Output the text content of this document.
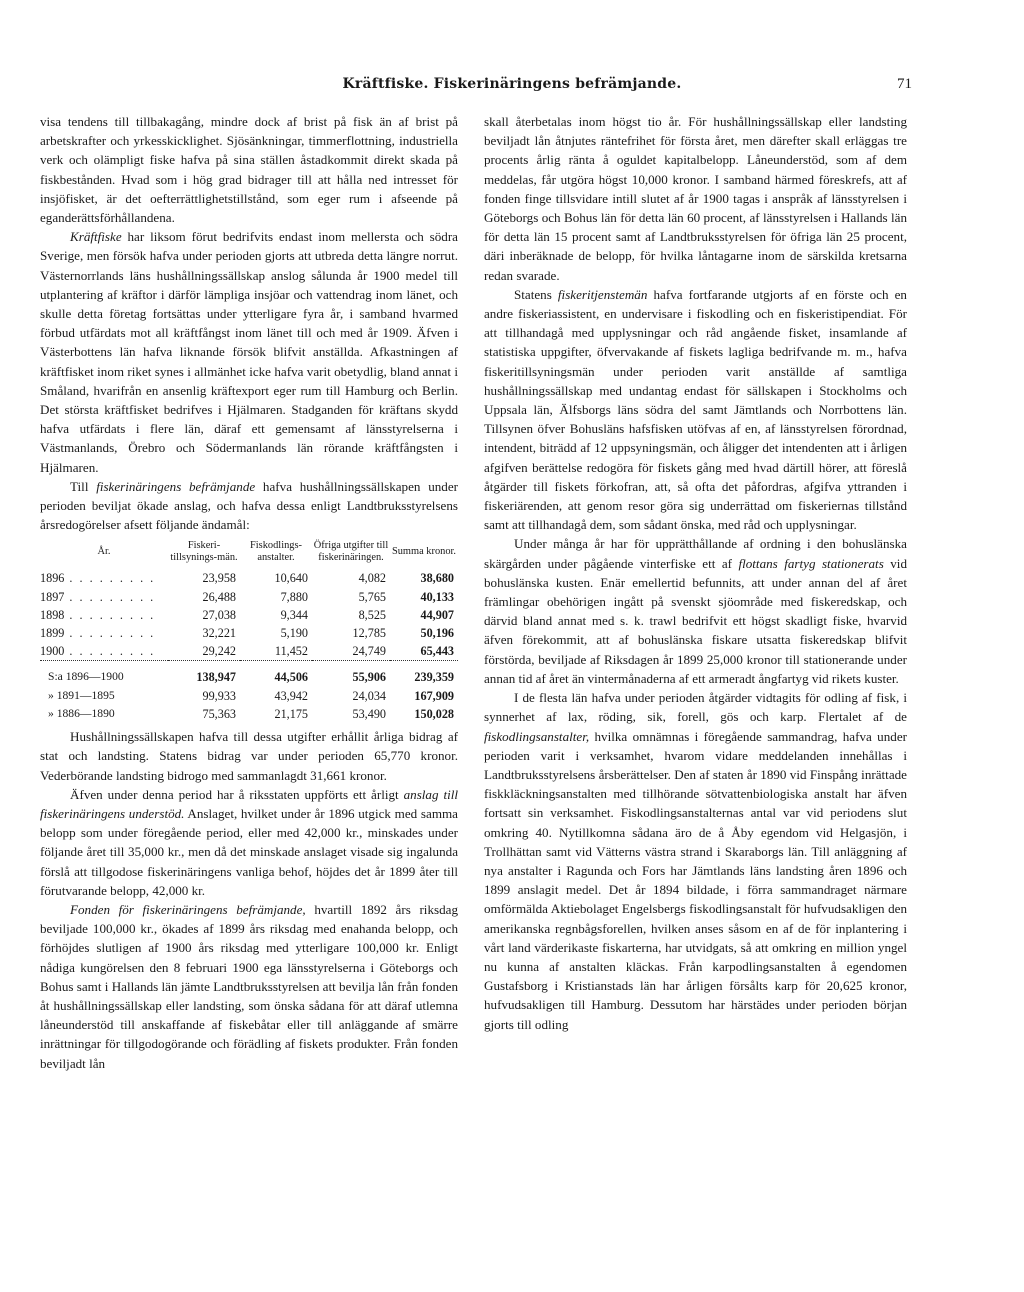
Kräftfiske. Fiskerinäringens befrämjande.	71

visa tendens till tillbakagång, mindre dock af brist på fisk än af brist på arbetskrafter och yrkesskicklighet. Sjösänkningar, timmerflottning, industriella verk och olämpligt fiske hafva på sina ställen åstadkommit direkt skada på fiskbestånden. Hvad som i hög grad bidrager till att hålla ned intresset för insjöfisket, är det oefterrättlighetstillstånd, som eger rum i afseende på eganderättsförhållandena.

Kräftfiske har liksom förut bedrifvits endast inom mellersta och södra Sverige, men försök hafva under perioden gjorts att utbreda detta längre norrut. Västernorrlands läns hushållningssällskap anslog sålunda år 1900 medel till utplantering af kräftor i därför lämpliga insjöar och vattendrag inom länet, och skulle detta företag fortsättas under ytterligare fyra år, i samband hvarmed förbud utfärdats mot all kräftfångst inom länet till och med år 1909. Äfven i Västerbottens län hafva liknande försök blifvit anställda. Afkastningen af kräftfisket inom riket synes i allmänhet icke hafva varit obetydlig, bland annat i Småland, hvarifrån en ansenlig kräftexport eger rum till Hamburg och Berlin. Det största kräftfisket bedrifves i Hjälmaren. Stadganden för kräftans skydd hafva utfärdats i flere län, däraf ett gemensamt af länsstyrelserna i Västmanlands, Örebro och Södermanlands län rörande kräftfångsten i Hjälmaren.

Till fiskerinäringens befrämjande hafva hushållningssällskapen under perioden beviljat ökade anslag, och hafva dessa enligt Landtbruksstyrelsens årsredogörelser afsett följande ändamål:

År.	Fiskeri-tillsynings-män.	Fiskodlings-anstalter.	Öfriga utgifter till fiskerinäringen.	Summa kronor.
1896 . . . . . . . . .	23,958	10,640	4,082	38,680
1897 . . . . . . . . .	26,488	7,880	5,765	40,133
1898 . . . . . . . . .	27,038	9,344	8,525	44,907
1899 . . . . . . . . .	32,221	5,190	12,785	50,196
1900 . . . . . . . . .	29,242	11,452	24,749	65,443
S:a 1896—1900	138,947	44,506	55,906	239,359
» 1891—1895	99,933	43,942	24,034	167,909
» 1886—1890	75,363	21,175	53,490	150,028

Hushållningssällskapen hafva till dessa utgifter erhållit årliga bidrag af stat och landsting. Statens bidrag var under perioden 65,770 kronor. Vederbörande landsting bidrogo med sammanlagdt 31,661 kronor.

Äfven under denna period har å riksstaten uppförts ett årligt anslag till fiskerinäringens understöd. Anslaget, hvilket under år 1896 utgick med samma belopp som under föregående period, eller med 42,000 kr., minskades under följande året till 35,000 kr., men då det minskade anslaget visade sig ingalunda förslå att tillgodose fiskerinäringens vanliga behof, höjdes det år 1899 åter till förutvarande belopp, 42,000 kr.

Fonden för fiskerinäringens befrämjande, hvartill 1892 års riksdag beviljade 100,000 kr., ökades af 1899 års riksdag med enahanda belopp, och förhöjdes slutligen af 1900 års riksdag med ytterligare 100,000 kr. Enligt nådiga kungörelsen den 8 februari 1900 ega länsstyrelserna i Göteborgs och Bohus samt i Hallands län jämte Landtbruksstyrelsen att bevilja lån från fonden åt hushållningssällskap eller landsting, som önska sådana för att däraf utlemna låneunderstöd till anskaffande af fiskebåtar eller till anläggande af smärre inrättningar för tillgodogörande och förädling af fiskets produkter. Från fonden beviljadt lån

skall återbetalas inom högst tio år. För hushållningssällskap eller landsting beviljadt lån åtnjutes räntefrihet för första året, men därefter skall erläggas tre procents årlig ränta å oguldet kapitalbelopp. Låneunderstöd, som af dem meddelas, får utgöra högst 10,000 kronor. I samband härmed föreskrefs, att af fonden finge tillsvidare intill slutet af år 1900 tagas i anspråk af länsstyrelsen i Göteborgs och Bohus län för detta län 60 procent, af länsstyrelsen i Hallands län för detta län 15 procent samt af Landtbruksstyrelsen för öfriga län 25 procent, däri inberäknade de belopp, för hvilka låntagarne inom de särskilda kretsarna redan svarade.

Statens fiskeritjenstemän hafva fortfarande utgjorts af en förste och en andre fiskeriassistent, en undervisare i fiskodling och en fiskeristipendiat. För att tillhandagå med upplysningar och råd angående fisket, insamlande af statistiska uppgifter, öfvervakande af fiskets lagliga bedrifvande m. m., hafva fiskeritillsyningsmän under perioden varit anställde af samtliga hushållningssällskap med undantag endast för sällskapen i Stockholms och Uppsala län, Älfsborgs läns södra del samt Jämtlands och Norrbottens län. Tillsynen öfver Bohusläns hafsfisken utöfvas af en, af länsstyrelsen förordnad, intendent, biträdd af 12 uppsyningsmän, och åligger det intendenten att i årligen afgifven berättelse redogöra för fiskets gång med hvad därtill hörer, att föreslå åtgärder till fiskets förkofran, att, så ofta det påfordras, afgifva yttranden i fiskeriärenden, att genom resor göra sig underrättad om fiskeriernas tillstånd samt att tillhandagå dem, som sådant önska, med råd och upplysningar.

Under många år har för upprätthållande af ordning i den bohuslänska skärgården under pågående vinterfiske ett af flottans fartyg stationerats vid bohuslänska kusten. Enär emellertid befunnits, att under annan del af året främlingar obehörigen ingått på svenskt sjöområde med fiskeredskap, och därvid bland annat med s. k. trawl bedrifvit ett högst skadligt fiske, hvarvid äfven förekommit, att af bohuslänska fiskare utsatta fiskeredskap blifvit förstörda, beviljade af Riksdagen år 1899 25,000 kronor till stationerande under annan tid af året än vintermånaderna af ett armeradt ångfartyg vid rikets kuster.

I de flesta län hafva under perioden åtgärder vidtagits för odling af fisk, i synnerhet af lax, röding, sik, forell, gös och karp. Flertalet af de fiskodlingsanstalter, hvilka omnämnas i föregående sammandrag, hafva under perioden varit i verksamhet, hvarom vidare meddelanden innehållas i Landtbruksstyrelsens årsberättelser. Den af staten år 1890 vid Finspång inrättade fiskkläckningsanstalten med tillhörande sötvattenbiologiska anstalt har äfven fortsatt sin verksamhet. Fiskodlingsanstalternas antal var vid periodens slut omkring 40. Nytillkomna sådana äro de å Åby egendom vid Helgasjön, i Trollhättan samt vid Vätterns västra strand i Skaraborgs län. Till anläggning af nya anstalter i Ragunda och Fors har Jämtlands läns landsting åren 1896 och 1899 anslagit medel. Det år 1894 bildade, i förra sammandraget närmare omförmälda Aktiebolaget Engelsbergs fiskodlingsanstalt för hufvudsakligen den amerikanska regnbågsforellen, hvilken anses såsom en af de för inplantering i vårt land värderikaste fiskarterna, har utvidgats, så att omkring en million yngel nu kunna af anstalten kläckas. Från karpodlingsanstalten å egendomen Gustafsborg i Kristianstads län har årligen försålts karp för 20,625 kronor, hufvudsakligen till Hamburg. Dessutom har härstädes under perioden början gjorts till odling
